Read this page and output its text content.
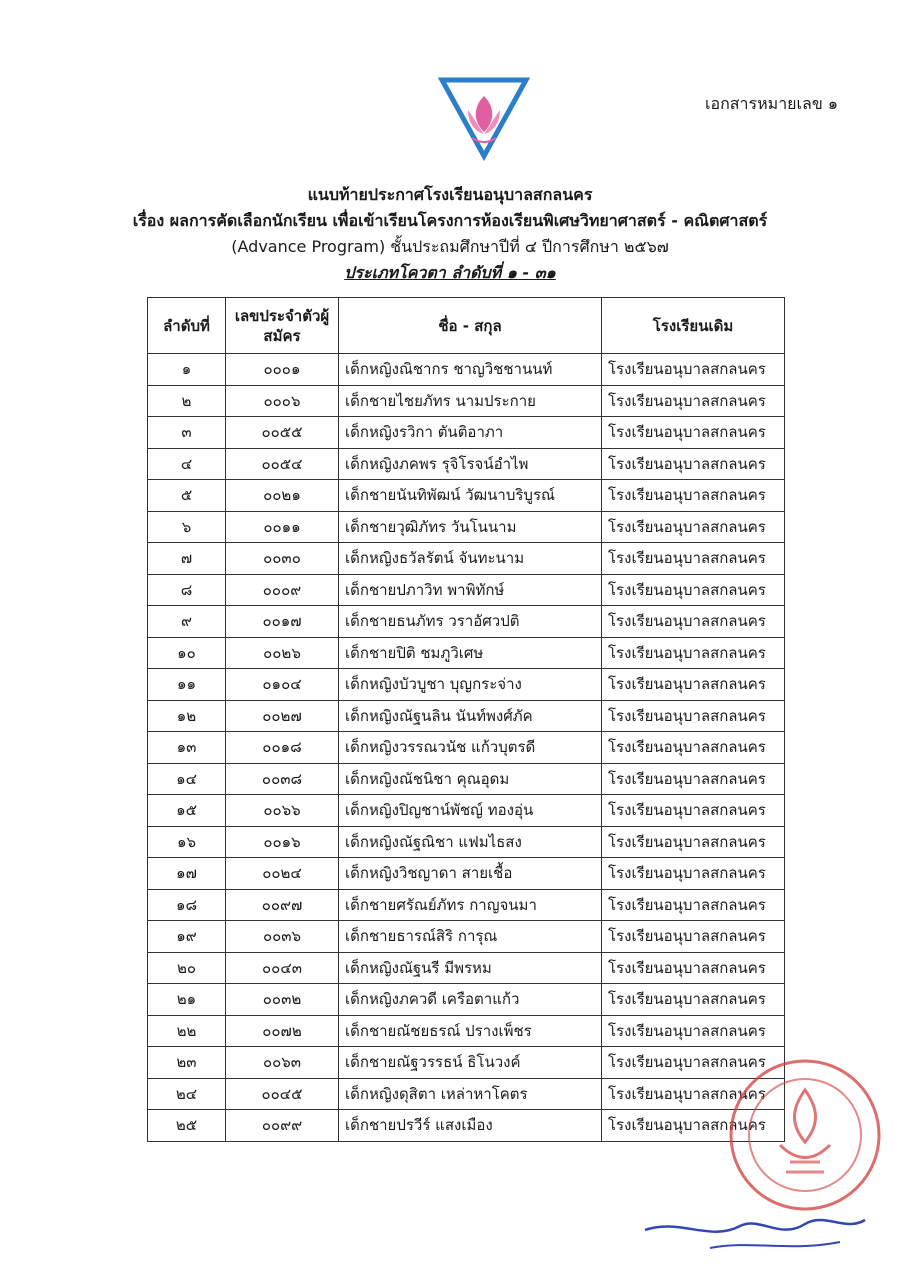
เอกสารหมายเลข ๑
แนบท้ายประกาศโรงเรียนอนุบาลสกลนคร
เรื่อง ผลการคัดเลือกนักเรียน เพื่อเข้าเรียนโครงการห้องเรียนพิเศษวิทยาศาสตร์ - คณิตศาสตร์
(Advance Program) ชั้นประถมศึกษาปีที่ ๔ ปีการศึกษา ๒๕๖๗
ประเภทโควตา ลำดับที่ ๑ - ๓๑
ลำดับที่	เลขประจำตัวผู้สมัคร	ชื่อ - สกุล	โรงเรียนเดิม
๑	๐๐๐๑	เด็กหญิงณิชากร ชาญวิชชานนท์	โรงเรียนอนุบาลสกลนคร
๒	๐๐๐๖	เด็กชายไชยภัทร นามประกาย	โรงเรียนอนุบาลสกลนคร
๓	๐๐๕๕	เด็กหญิงรวิกา ตันติอาภา	โรงเรียนอนุบาลสกลนคร
๔	๐๐๕๔	เด็กหญิงภคพร รุจิโรจน์อำไพ	โรงเรียนอนุบาลสกลนคร
๕	๐๐๒๑	เด็กชายนันทิพัฒน์ วัฒนาบริบูรณ์	โรงเรียนอนุบาลสกลนคร
๖	๐๐๑๑	เด็กชายวุฒิภัทร วันโนนาม	โรงเรียนอนุบาลสกลนคร
๗	๐๐๓๐	เด็กหญิงธวัลรัตน์ จันทะนาม	โรงเรียนอนุบาลสกลนคร
๘	๐๐๐๙	เด็กชายปภาวิท พาพิทักษ์	โรงเรียนอนุบาลสกลนคร
๙	๐๐๑๗	เด็กชายธนภัทร วราอัศวปติ	โรงเรียนอนุบาลสกลนคร
๑๐	๐๐๒๖	เด็กชายปิติ ชมภูวิเศษ	โรงเรียนอนุบาลสกลนคร
๑๑	๐๑๐๔	เด็กหญิงบัวบูชา บุญกระจ่าง	โรงเรียนอนุบาลสกลนคร
๑๒	๐๐๒๗	เด็กหญิงณัฐนลิน นันท์พงศ์ภัค	โรงเรียนอนุบาลสกลนคร
๑๓	๐๐๑๘	เด็กหญิงวรรณวนัช แก้วบุตรดี	โรงเรียนอนุบาลสกลนคร
๑๔	๐๐๓๘	เด็กหญิงณัชนิชา คุณอุดม	โรงเรียนอนุบาลสกลนคร
๑๕	๐๐๖๖	เด็กหญิงปิญชาน์พัชญ์ ทองอุ่น	โรงเรียนอนุบาลสกลนคร
๑๖	๐๐๑๖	เด็กหญิงณัฐณิชา แฟมไธสง	โรงเรียนอนุบาลสกลนคร
๑๗	๐๐๒๔	เด็กหญิงวิชญาดา สายเชื้อ	โรงเรียนอนุบาลสกลนคร
๑๘	๐๐๙๗	เด็กชายศรัณย์ภัทร กาญจนมา	โรงเรียนอนุบาลสกลนคร
๑๙	๐๐๓๖	เด็กชายธารณ์สิริ การุณ	โรงเรียนอนุบาลสกลนคร
๒๐	๐๐๔๓	เด็กหญิงณัฐนรี มีพรหม	โรงเรียนอนุบาลสกลนคร
๒๑	๐๐๓๒	เด็กหญิงภควดี เครือตาแก้ว	โรงเรียนอนุบาลสกลนคร
๒๒	๐๐๗๒	เด็กชายณัชยธรณ์ ปรางเพ็ชร	โรงเรียนอนุบาลสกลนคร
๒๓	๐๐๖๓	เด็กชายณัฐวรรธน์ ธิโนวงค์	โรงเรียนอนุบาลสกลนคร
๒๔	๐๐๔๕	เด็กหญิงดุสิตา เหล่าหาโคตร	โรงเรียนอนุบาลสกลนคร
๒๕	๐๐๙๙	เด็กชายปรวีร์ แสงเมือง	โรงเรียนอนุบาลสกลนคร
